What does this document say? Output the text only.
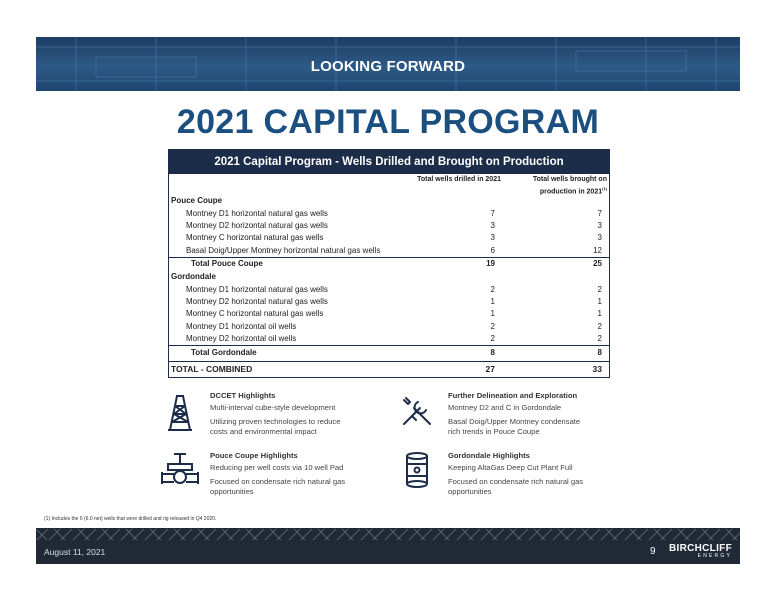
LOOKING FORWARD
2021 CAPITAL PROGRAM
2021 Capital Program - Wells Drilled and Brought on Production
Total wells drilled in 2021	Total wells brought on
production in 2021$^{(1)}$
Pouce Coupe
Montney D1 horizontal natural gas wells	7	7
Montney D2 horizontal natural gas wells	3	3
Montney C horizontal natural gas wells	3	3
Basal Doig/Upper Montney horizontal natural gas wells	6	12
Total Pouce Coupe	19	25
Gordondale
Montney D1 horizontal natural gas wells	2	2
Montney D2 horizontal natural gas wells	1	1
Montney C horizontal natural gas wells	1	1
Montney D1 horizontal oil wells	2	2
Montney D2 horizontal oil wells	2	2
Total Gordondale	8	8
TOTAL - COMBINED	27	33
DCCET Highlights
Multi-interval cube-style development
Utilizing proven technologies to reduce
costs and environmental impact
Further Delineation and Exploration
Montney D2 and C in Gordondale
Basal Doig/Upper Montney condensate
rich trends in Pouce Coupe
Pouce Coupe Highlights
Reducing per well costs via 10 well Pad
Focused on condensate rich natural gas
opportunities
Gordondale Highlights
Keeping AltaGas Deep Cut Plant Full
Focused on condensate rich natural gas
opportunities
(1) Includes the 6 (6.0 net) wells that were drilled and rig released in Q4 2020.
August 11, 2021	9 BIRCHCLIFF
ENERGY
